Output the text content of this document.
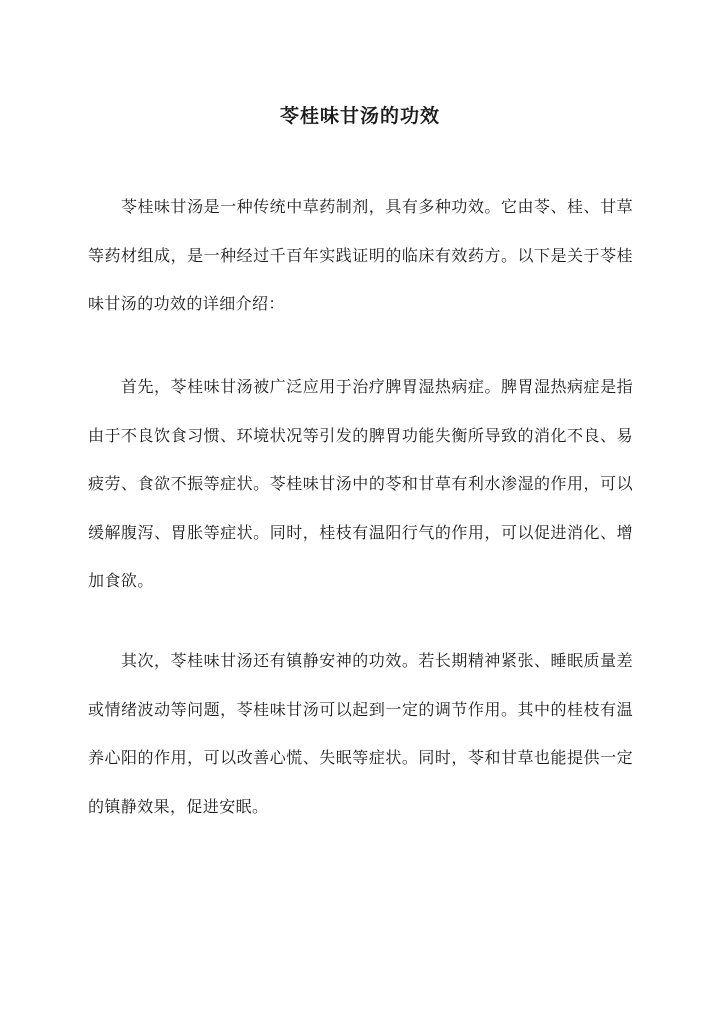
苓桂味甘汤的功效

苓桂味甘汤是一种传统中草药制剂，具有多种功效。它由苓、桂、甘草等药材组成，是一种经过千百年实践证明的临床有效药方。以下是关于苓桂味甘汤的功效的详细介绍：

首先，苓桂味甘汤被广泛应用于治疗脾胃湿热病症。脾胃湿热病症是指由于不良饮食习惯、环境状况等引发的脾胃功能失衡所导致的消化不良、易疲劳、食欲不振等症状。苓桂味甘汤中的苓和甘草有利水渗湿的作用，可以缓解腹泻、胃胀等症状。同时，桂枝有温阳行气的作用，可以促进消化、增加食欲。

其次，苓桂味甘汤还有镇静安神的功效。若长期精神紧张、睡眠质量差或情绪波动等问题，苓桂味甘汤可以起到一定的调节作用。其中的桂枝有温养心阳的作用，可以改善心慌、失眠等症状。同时，苓和甘草也能提供一定的镇静效果，促进安眠。
